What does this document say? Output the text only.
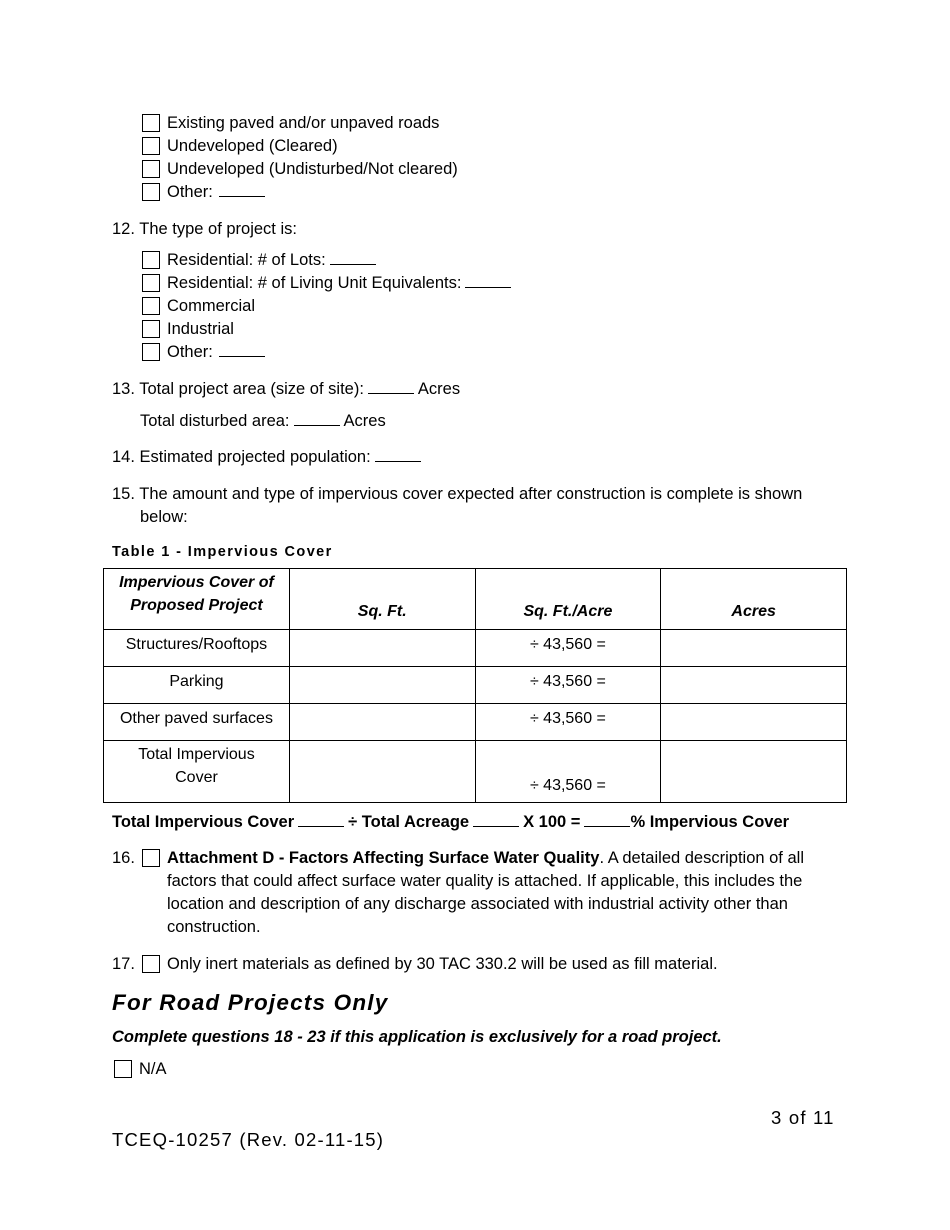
Existing paved and/or unpaved roads
Undeveloped (Cleared)
Undeveloped (Undisturbed/Not cleared)
Other:
12. The type of project is:
Residential: # of Lots:
Residential: # of Living Unit Equivalents:
Commercial
Industrial
Other:
13. Total project area (size of site):	Acres
Total disturbed area:	Acres
14. Estimated projected population:
15. The amount and type of impervious cover expected after construction is complete is shown
below:
Table 1 - Impervious Cover
Impervious Cover of
Proposed Project	Sq. Ft.	Sq. Ft./Acre	Acres
Structures/Rooftops		÷ 43,560 =	
Parking		÷ 43,560 =	
Other paved surfaces		÷ 43,560 =	

Total Impervious
Cover		÷ 43,560 =	
Total Impervious Cover	÷ Total Acreage	X 100 =	% Impervious Cover
16. Attachment D - Factors Affecting Surface Water Quality. A detailed description of all
factors that could affect surface water quality is attached. If applicable, this includes the
location and description of any discharge associated with industrial activity other than
construction.
17. Only inert materials as defined by 30 TAC 330.2 will be used as fill material.
For Road Projects Only
Complete questions 18 - 23 if this application is exclusively for a road project.
N/A
3 of 11
TCEQ-10257 (Rev. 02-11-15)
